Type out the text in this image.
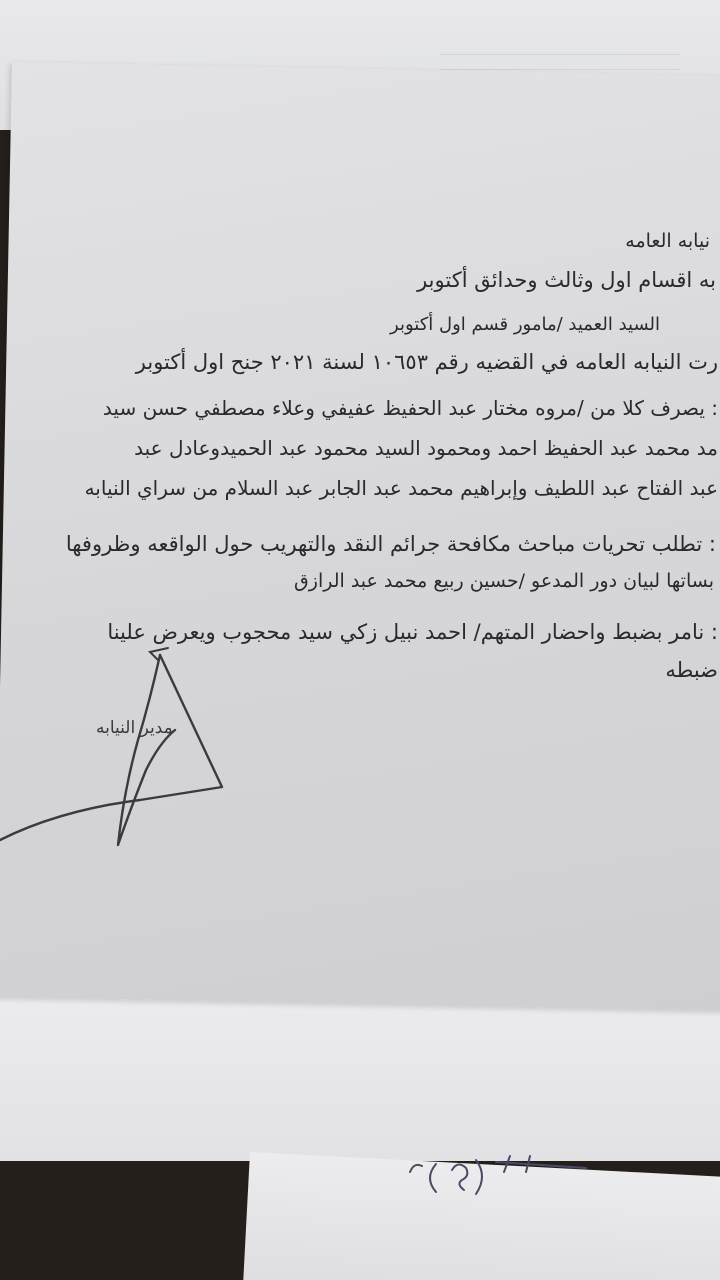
نيابه العامه
به اقسام اول وثالث وحدائق أكتوبر
السيد العميد /مامور قسم اول أكتوبر
رت النيابه العامه في القضيه رقم ١٠٦٥٣ لسنة ٢٠٢١ جنح اول أكتوبر
: يصرف كلا من /مروه مختار عبد الحفيظ عفيفي وعلاء مصطفي حسن سيد
مد محمد عبد الحفيظ احمد ومحمود السيد محمود عبد الحميدوعادل عبد
عبد الفتاح عبد اللطيف وإبراهيم محمد عبد الجابر عبد السلام من سراي النيابه
: تطلب تحريات مباحث مكافحة جرائم النقد والتهريب حول الواقعه وظروفها
بساتها لبيان دور المدعو /حسين ربيع محمد عبد الرازق
: نامر بضبط واحضار المتهم/ احمد نبيل زكي سيد محجوب ويعرض علينا
ضبطه
مدير النيابه
